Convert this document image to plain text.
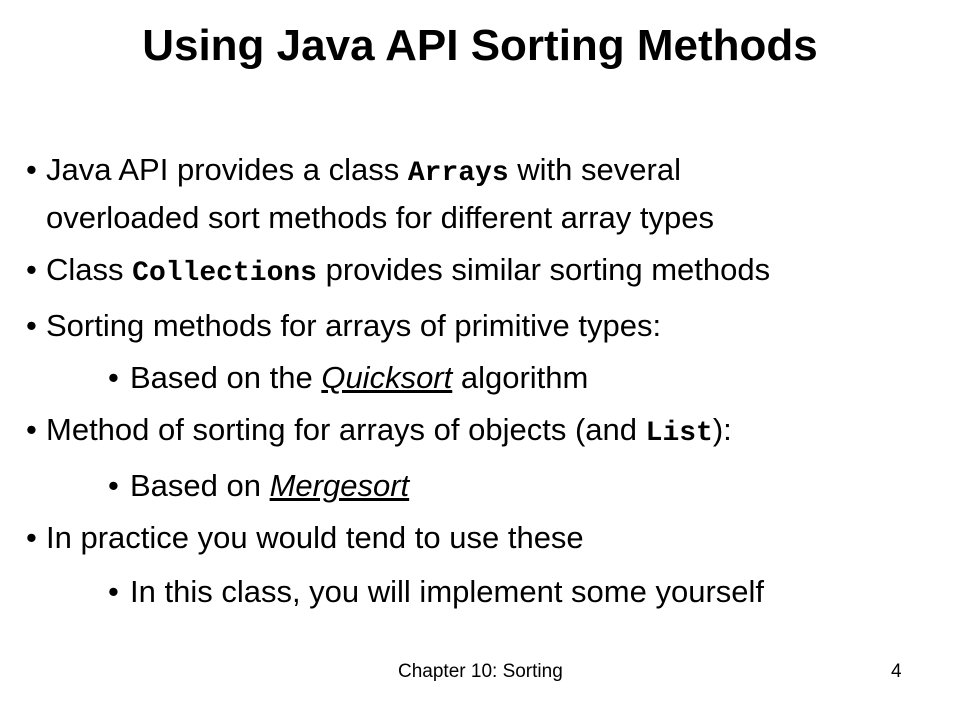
Using Java API Sorting Methods
• Java API provides a class Arrays with several
overloaded sort methods for different array types
• Class Collections provides similar sorting methods
• Sorting methods for arrays of primitive types:
• Based on the Quicksort algorithm
• Method of sorting for arrays of objects (and List):
• Based on Mergesort
• In practice you would tend to use these
• In this class, you will implement some yourself
Chapter 10: Sorting	4
